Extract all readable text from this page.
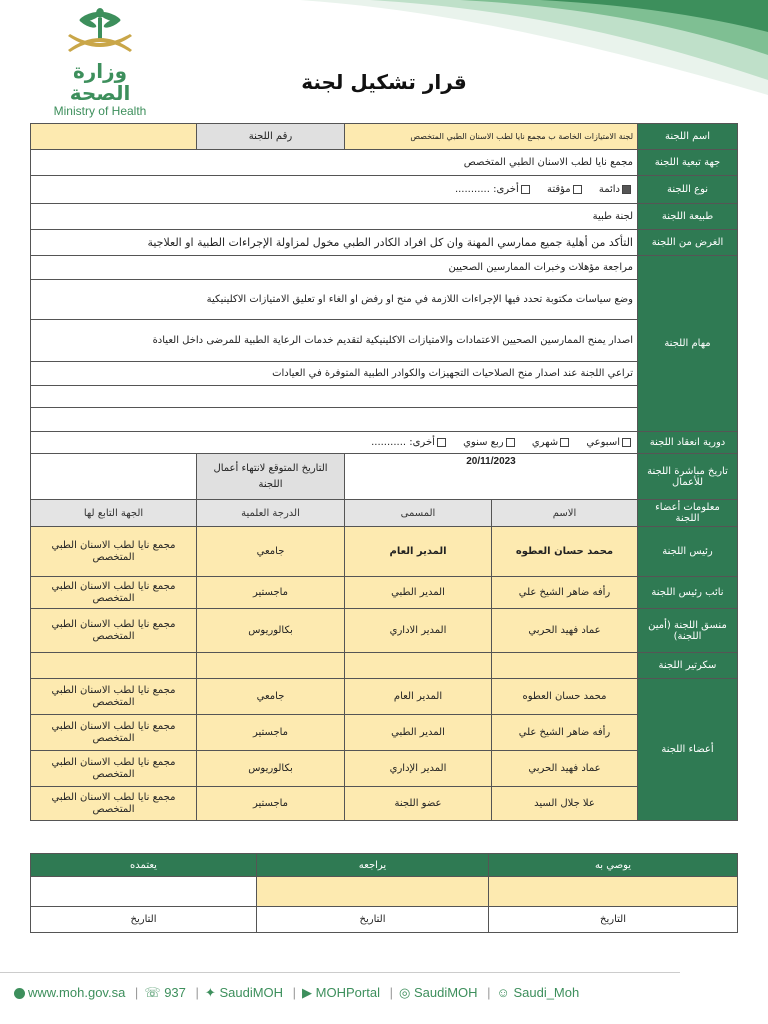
وزارة الصحة
Ministry of Health
قرار تشكيل لجنة
اسم اللجنة	لجنة الامتيازات الخاصة ب مجمع نايا لطب الاسنان الطبي المتخصص		رقم اللجنة	
جهة تبعية اللجنة	مجمع نايا لطب الاسنان الطبي المتخصص			
نوع اللجنة	دائمة مؤقتة أخرى: ...........			
طبيعة اللجنة	لجنة طبية			
الغرض من اللجنة	التأكد من أهلية جميع ممارسي المهنة وان كل افراد الكادر الطبي مخول لمزاولة الإجراءات الطبية او العلاجية			
مهام اللجنة	مراجعة مؤهلات وخبرات الممارسين الصحيين			
	وضع سياسات مكتوبة تحدد فيها الإجراءات اللازمة في منح او رفض او الغاء او تعليق الامتيازات الاكلينيكية			
	اصدار يمنح الممارسين الصحيين الاعتمادات والامتيازات الاكلينيكية لتقديم خدمات الرعاية الطبية للمرضى داخل العيادة			
	تراعي اللجنة عند اصدار منح الصلاحيات التجهيزات والكوادر الطبية المتوفرة في العيادات			

دورية انعقاد اللجنة	اسبوعي شهري ربع سنوي أخرى: ...........			
تاريخ مباشرة اللجنة للأعمال	20/11/2023		التاريخ المتوقع لانتهاء أعمال اللجنة	
معلومات أعضاء اللجنة	الاسم	المسمى	الدرجة العلمية	الجهة التابع لها
رئيس اللجنة	محمد حسان العطوه	المدير العام	جامعي	مجمع نايا لطب الاسنان الطبي المتخصص
نائب رئيس اللجنة	رأفه ضاهر الشيخ علي	المدير الطبي	ماجستير	مجمع نايا لطب الاسنان الطبي المتخصص
منسق اللجنة (أمين اللجنة)	عماد فهيد الحربي	المدير الاداري	بكالوريوس	مجمع نايا لطب الاسنان الطبي المتخصص
سكرتير اللجنة				
أعضاء اللجنة	محمد حسان العطوه	المدير العام	جامعي	مجمع نايا لطب الاسنان الطبي المتخصص
	رأفه ضاهر الشيخ علي	المدير الطبي	ماجستير	مجمع نايا لطب الاسنان الطبي المتخصص
	عماد فهيد الحربي	المدير الإداري	بكالوريوس	مجمع نايا لطب الاسنان الطبي المتخصص
	علا جلال السيد	عضو اللجنة	ماجستير	مجمع نايا لطب الاسنان الطبي المتخصص
يوصي به	يراجعه	يعتمده

التاريخ	التاريخ	التاريخ
www.moh.gov.sa | ☏ 937 | ✦ SaudiMOH | ▶ MOHPortal | ◎ SaudiMOH | ☺ Saudi_Moh
